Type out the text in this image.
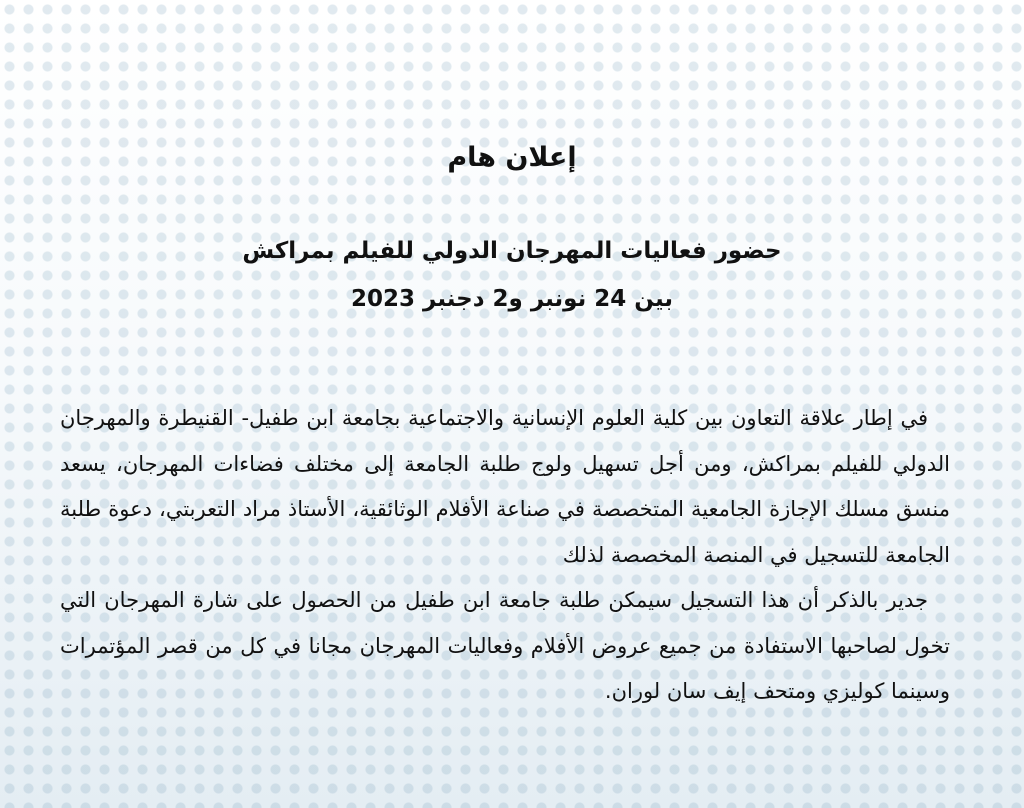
إعلان هام
حضور فعاليات المهرجان الدولي للفيلم بمراكش
بين 24 نونبر و2 دجنبر 2023

في إطار علاقة التعاون بين كلية العلوم الإنسانية والاجتماعية بجامعة ابن طفيل- القنيطرة والمهرجان الدولي للفيلم بمراكش، ومن أجل تسهيل ولوج طلبة الجامعة إلى مختلف فضاءات المهرجان، يسعد منسق مسلك الإجازة الجامعية المتخصصة في صناعة الأفلام الوثائقية، الأستاذ مراد التعربتي، دعوة طلبة الجامعة للتسجيل في المنصة المخصصة لذلك

جدير بالذكر أن هذا التسجيل سيمكن طلبة جامعة ابن طفيل من الحصول على شارة المهرجان التي تخول لصاحبها الاستفادة من جميع عروض الأفلام وفعاليات المهرجان مجانا في كل من قصر المؤتمرات وسينما كوليزي ومتحف إيف سان لوران.
